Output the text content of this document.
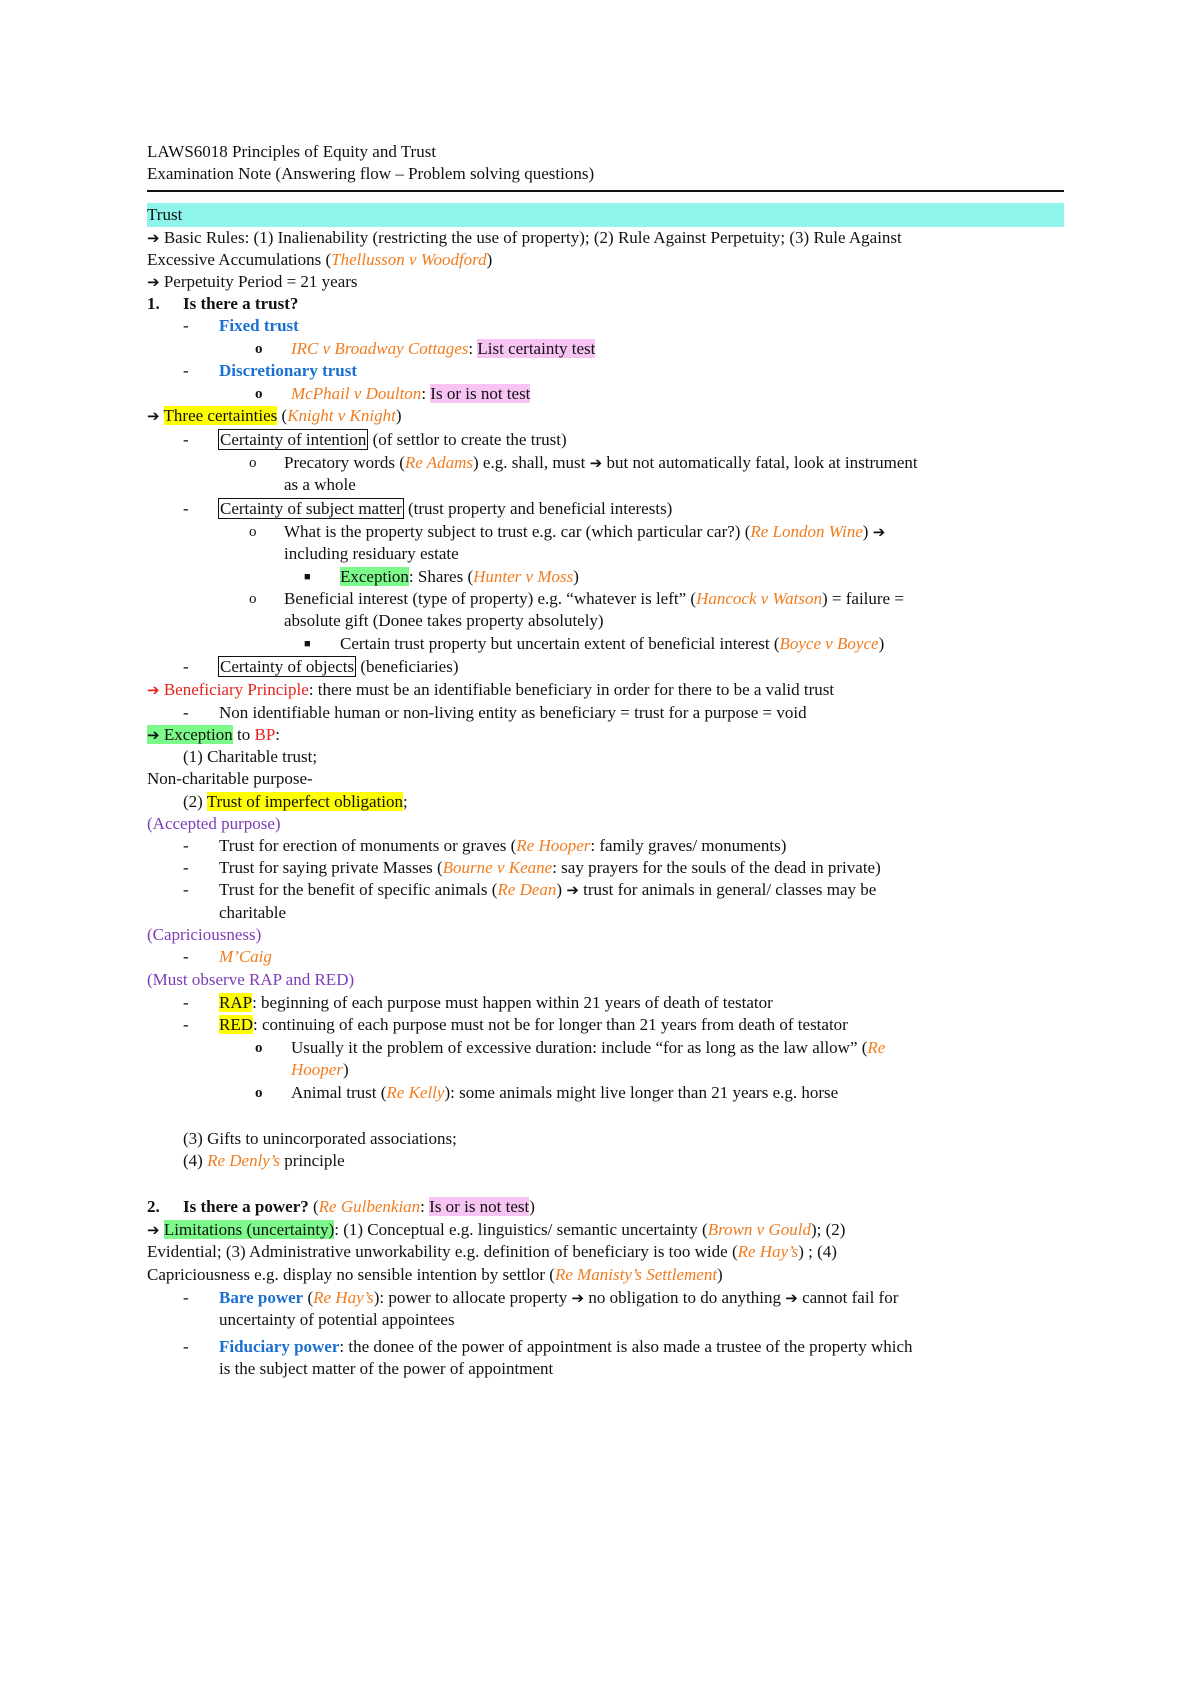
LAWS6018 Principles of Equity and Trust
Examination Note (Answering flow – Problem solving questions)
Trust
➔ Basic Rules: (1) Inalienability (restricting the use of property); (2) Rule Against Perpetuity; (3) Rule Against
Excessive Accumulations (Thellusson v Woodford)
➔ Perpetuity Period = 21 years
1. Is there a trust?
- Fixed trust
o IRC v Broadway Cottages: List certainty test
- Discretionary trust
o McPhail v Doulton: Is or is not test
➔ Three certainties (Knight v Knight)
- Certainty of intention (of settlor to create the trust)
o Precatory words (Re Adams) e.g. shall, must ➔ but not automatically fatal, look at instrument
as a whole
- Certainty of subject matter (trust property and beneficial interests)
o What is the property subject to trust e.g. car (which particular car?) (Re London Wine) ➔
including residuary estate
■ Exception: Shares (Hunter v Moss)
o Beneficial interest (type of property) e.g. “whatever is left” (Hancock v Watson) = failure =
absolute gift (Donee takes property absolutely)
■ Certain trust property but uncertain extent of beneficial interest (Boyce v Boyce)
- Certainty of objects (beneficiaries)
➔ Beneficiary Principle: there must be an identifiable beneficiary in order for there to be a valid trust
- Non identifiable human or non-living entity as beneficiary = trust for a purpose = void
➔ Exception to BP:
(1) Charitable trust;
Non-charitable purpose-
(2) Trust of imperfect obligation;
(Accepted purpose)
- Trust for erection of monuments or graves (Re Hooper: family graves/ monuments)
- Trust for saying private Masses (Bourne v Keane: say prayers for the souls of the dead in private)
- Trust for the benefit of specific animals (Re Dean) ➔ trust for animals in general/ classes may be
charitable
(Capriciousness)
- M’Caig
(Must observe RAP and RED)
- RAP: beginning of each purpose must happen within 21 years of death of testator
- RED: continuing of each purpose must not be for longer than 21 years from death of testator
o Usually it the problem of excessive duration: include “for as long as the law allow” (Re
Hooper)
o Animal trust (Re Kelly): some animals might live longer than 21 years e.g. horse
(3) Gifts to unincorporated associations;
(4) Re Denly’s principle
2. Is there a power? (Re Gulbenkian: Is or is not test)
➔ Limitations (uncertainty): (1) Conceptual e.g. linguistics/ semantic uncertainty (Brown v Gould); (2)
Evidential; (3) Administrative unworkability e.g. definition of beneficiary is too wide (Re Hay’s) ; (4)
Capriciousness e.g. display no sensible intention by settlor (Re Manisty’s Settlement)
- Bare power (Re Hay’s): power to allocate property ➔ no obligation to do anything ➔ cannot fail for
uncertainty of potential appointees
- Fiduciary power: the donee of the power of appointment is also made a trustee of the property which
is the subject matter of the power of appointment
